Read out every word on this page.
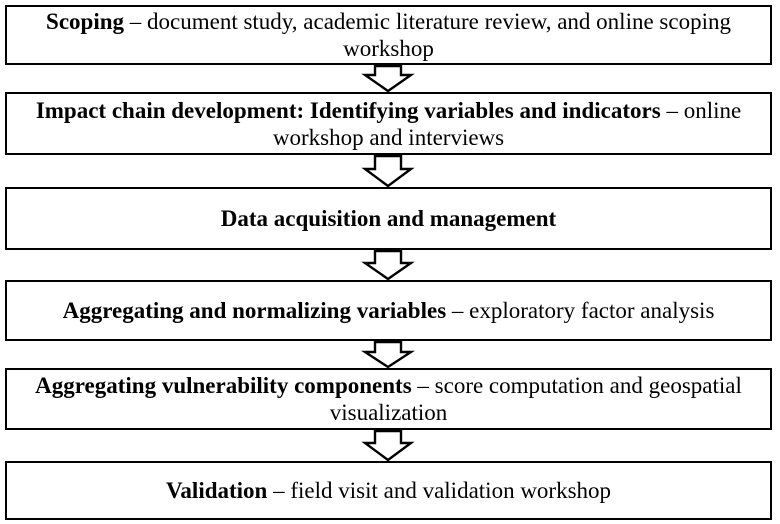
Scoping – document study, academic literature review, and online scoping workshop
Impact chain development: Identifying variables and indicators – online workshop and interviews
Data acquisition and management
Aggregating and normalizing variables – exploratory factor analysis
Aggregating vulnerability components – score computation and geospatial visualization
Validation – field visit and validation workshop
